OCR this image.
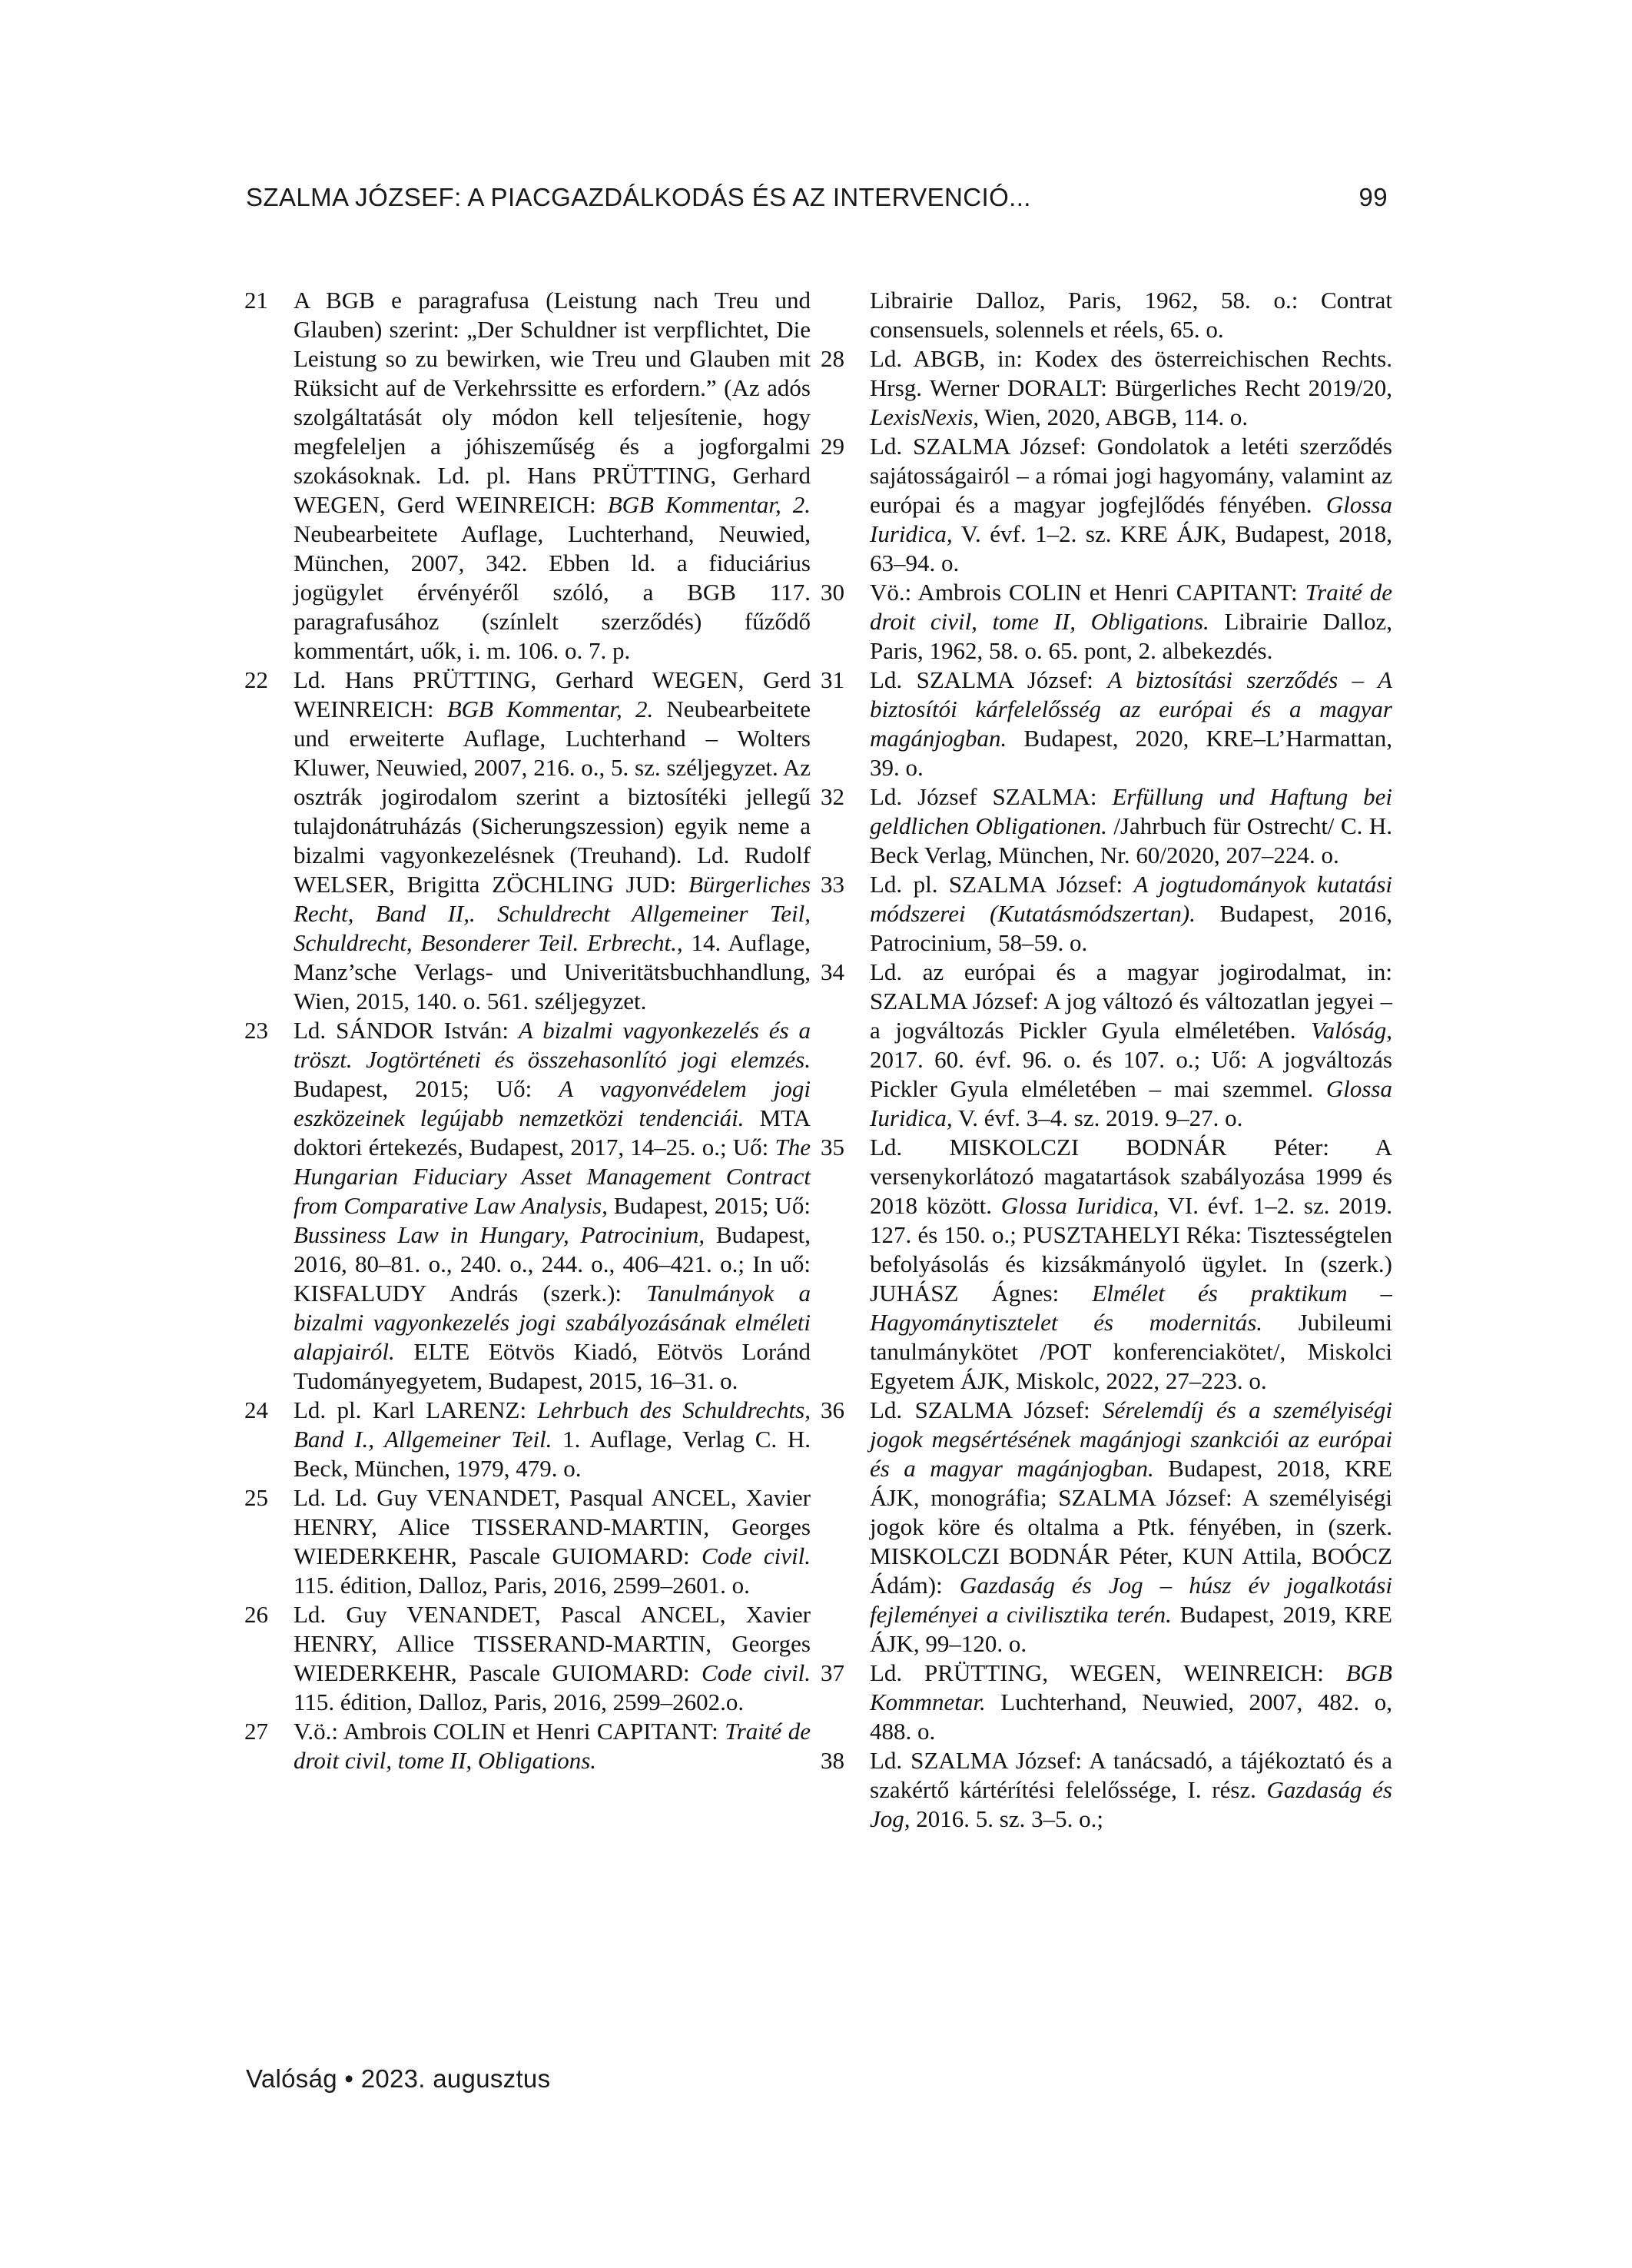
SZALMA JÓZSEF: A PIACGAZDÁLKODÁS ÉS AZ INTERVENCIÓ...	99
21	A BGB e paragrafusa (Leistung nach Treu und Glauben) szerint: „Der Schuldner ist verpflichtet, Die Leistung so zu bewirken, wie Treu und Glauben mit Rüksicht auf de Verkehrssitte es erfordern.” (Az adós szolgáltatását oly módon kell teljesítenie, hogy megfeleljen a jóhiszeműség és a jogforgalmi szokásoknak. Ld. pl. Hans PRÜTTING, Gerhard WEGEN, Gerd WEINREICH: BGB Kommentar, 2. Neubearbeitete Auflage, Luchterhand, Neuwied, München, 2007, 342. Ebben ld. a fiduciárius jogügylet érvényéről szóló, a BGB 117. paragrafusához (színlelt szerződés) fűződő kommentárt, uők, i. m. 106. o. 7. p.
22	Ld. Hans PRÜTTING, Gerhard WEGEN, Gerd WEINREICH: BGB Kommentar, 2. Neubearbeitete und erweiterte Auflage, Luchterhand – Wolters Kluwer, Neuwied, 2007, 216. o., 5. sz. széljegyzet. Az osztrák jogirodalom szerint a biztosítéki jellegű tulajdonátruházás (Sicherungszession) egyik neme a bizalmi vagyonkezelésnek (Treuhand). Ld. Rudolf WELSER, Brigitta ZÖCHLING JUD: Bürgerliches Recht, Band II,. Schuldrecht Allgemeiner Teil, Schuldrecht, Besonderer Teil. Erbrecht., 14. Auflage, Manz’sche Verlags- und Univeritätsbuchhandlung, Wien, 2015, 140. o. 561. széljegyzet.
23	Ld. SÁNDOR István: A bizalmi vagyonkezelés és a tröszt. Jogtörténeti és összehasonlító jogi elemzés. Budapest, 2015; Uő: A vagyonvédelem jogi eszközeinek legújabb nemzetközi tendenciái. MTA doktori értekezés, Budapest, 2017, 14–25. o.; Uő: The Hungarian Fiduciary Asset Management Contract from Comparative Law Analysis, Budapest, 2015; Uő: Bussiness Law in Hungary, Patrocinium, Budapest, 2016, 80–81. o., 240. o., 244. o., 406–421. o.; In uő: KISFALUDY András (szerk.): Tanulmányok a bizalmi vagyonkezelés jogi szabályozásának elméleti alapjairól. ELTE Eötvös Kiadó, Eötvös Loránd Tudományegyetem, Budapest, 2015, 16–31. o.
24	Ld. pl. Karl LARENZ: Lehrbuch des Schuldrechts, Band I., Allgemeiner Teil. 1. Auflage, Verlag C. H. Beck, München, 1979, 479. o.
25	Ld. Ld. Guy VENANDET, Pasqual ANCEL, Xavier HENRY, Alice TISSERAND-MARTIN, Georges WIEDERKEHR, Pascale GUIOMARD: Code civil. 115. édition, Dalloz, Paris, 2016, 2599–2601. o.
26	Ld. Guy VENANDET, Pascal ANCEL, Xavier HENRY, Allice TISSERAND-MARTIN, Georges WIEDERKEHR, Pascale GUIOMARD: Code civil. 115. édition, Dalloz, Paris, 2016, 2599–2602.o.
27	V.ö.: Ambrois COLIN et Henri CAPITANT: Traité de droit civil, tome II, Obligations.
Librairie Dalloz, Paris, 1962, 58. o.: Contrat consensuels, solennels et réels, 65. o.
28	Ld. ABGB, in: Kodex des österreichischen Rechts. Hrsg. Werner DORALT: Bürgerliches Recht 2019/20, LexisNexis, Wien, 2020, ABGB, 114. o.
29	Ld. SZALMA József: Gondolatok a letéti szerződés sajátosságairól – a római jogi hagyomány, valamint az európai és a magyar jogfejlődés fényében. Glossa Iuridica, V. évf. 1–2. sz. KRE ÁJK, Budapest, 2018, 63–94. o.
30	Vö.: Ambrois COLIN et Henri CAPITANT: Traité de droit civil, tome II, Obligations. Librairie Dalloz, Paris, 1962, 58. o. 65. pont, 2. albekezdés.
31	Ld. SZALMA József: A biztosítási szerződés – A biztosítói kárfelelősség az európai és a magyar magánjogban. Budapest, 2020, KRE–L’Harmattan, 39. o.
32	Ld. József SZALMA: Erfüllung und Haftung bei geldlichen Obligationen. /Jahrbuch für Ostrecht/ C. H. Beck Verlag, München, Nr. 60/2020, 207–224. o.
33	Ld. pl. SZALMA József: A jogtudományok kutatási módszerei (Kutatásmódszertan). Budapest, 2016, Patrocinium, 58–59. o.
34	Ld. az európai és a magyar jogirodalmat, in: SZALMA József: A jog változó és változatlan jegyei – a jogváltozás Pickler Gyula elméletében. Valóság, 2017. 60. évf. 96. o. és 107. o.; Uő: A jogváltozás Pickler Gyula elméletében – mai szemmel. Glossa Iuridica, V. évf. 3–4. sz. 2019. 9–27. o.
35	Ld. MISKOLCZI BODNÁR Péter: A versenykorlátozó magatartások szabályozása 1999 és 2018 között. Glossa Iuridica, VI. évf. 1–2. sz. 2019. 127. és 150. o.; PUSZTAHELYI Réka: Tisztességtelen befolyásolás és kizsákmányoló ügylet. In (szerk.) JUHÁSZ Ágnes: Elmélet és praktikum – Hagyománytisztelet és modernitás. Jubileumi tanulmánykötet /POT konferenciakötet/, Miskolci Egyetem ÁJK, Miskolc, 2022, 27–223. o.
36	Ld. SZALMA József: Sérelemdíj és a személyiségi jogok megsértésének magánjogi szankciói az európai és a magyar magánjogban. Budapest, 2018, KRE ÁJK, monográfia; SZALMA József: A személyiségi jogok köre és oltalma a Ptk. fényében, in (szerk. MISKOLCZI BODNÁR Péter, KUN Attila, BOÓCZ Ádám): Gazdaság és Jog – húsz év jogalkotási fejleményei a civilisztika terén. Budapest, 2019, KRE ÁJK, 99–120. o.
37	Ld. PRÜTTING, WEGEN, WEINREICH: BGB Kommnetar. Luchterhand, Neuwied, 2007, 482. o, 488. o.
38	Ld. SZALMA József: A tanácsadó, a tájékoztató és a szakértő kártérítési felelőssége, I. rész. Gazdaság és Jog, 2016. 5. sz. 3–5. o.;
Valóság • 2023. augusztus
